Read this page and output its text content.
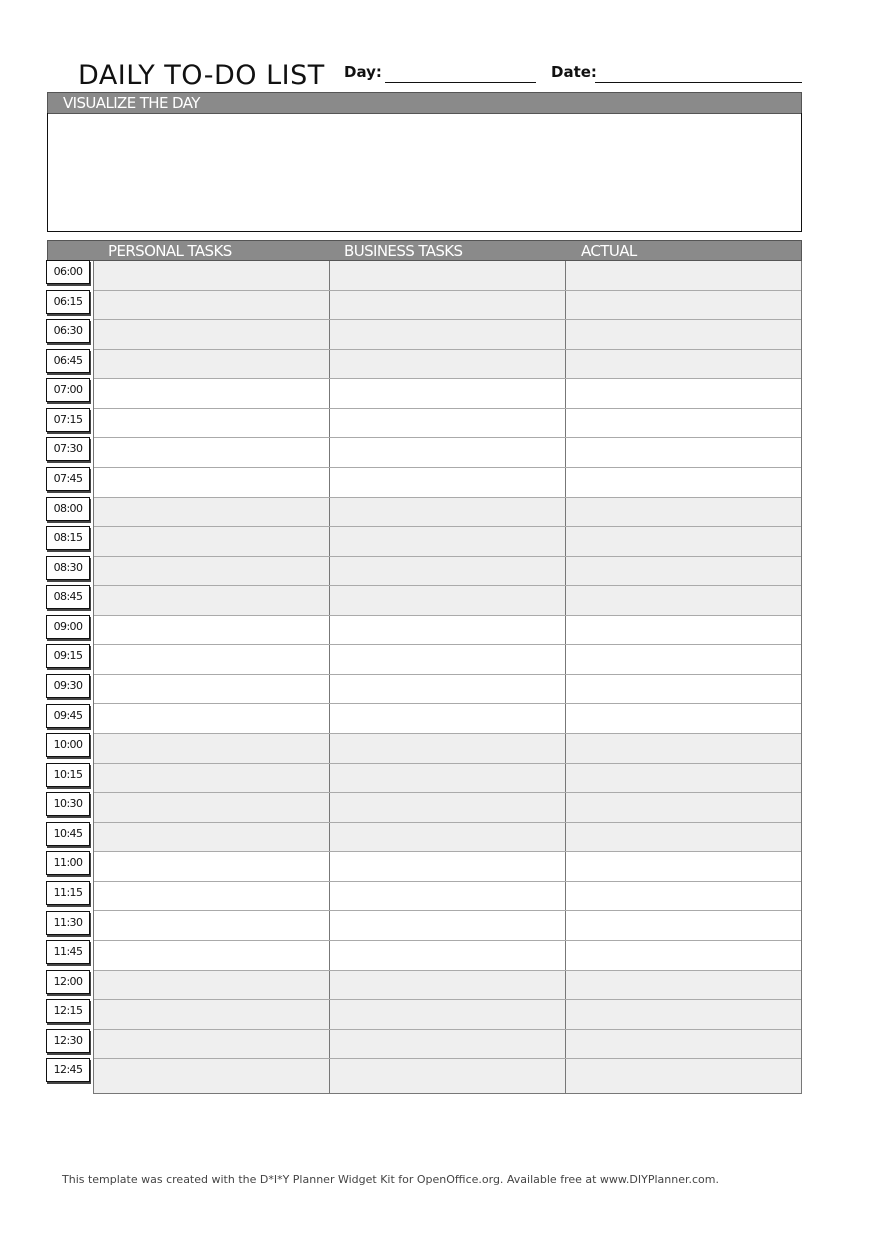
DAILY TO-DO LIST Day:	Date:
VISUALIZE THE DAY
PERSONAL TASKS	BUSINESS TASKS	ACTUAL
06:00
06:15
06:30
06:45
07:00
07:15
07:30
07:45
08:00
08:15
08:30
08:45
09:00
09:15
09:30
09:45
10:00
10:15
10:30
10:45
11:00
11:15
11:30
11:45
12:00
12:15
12:30
12:45
This template was created with the D*I*Y Planner Widget Kit for OpenOffice.org. Available free at www.DIYPlanner.com.
